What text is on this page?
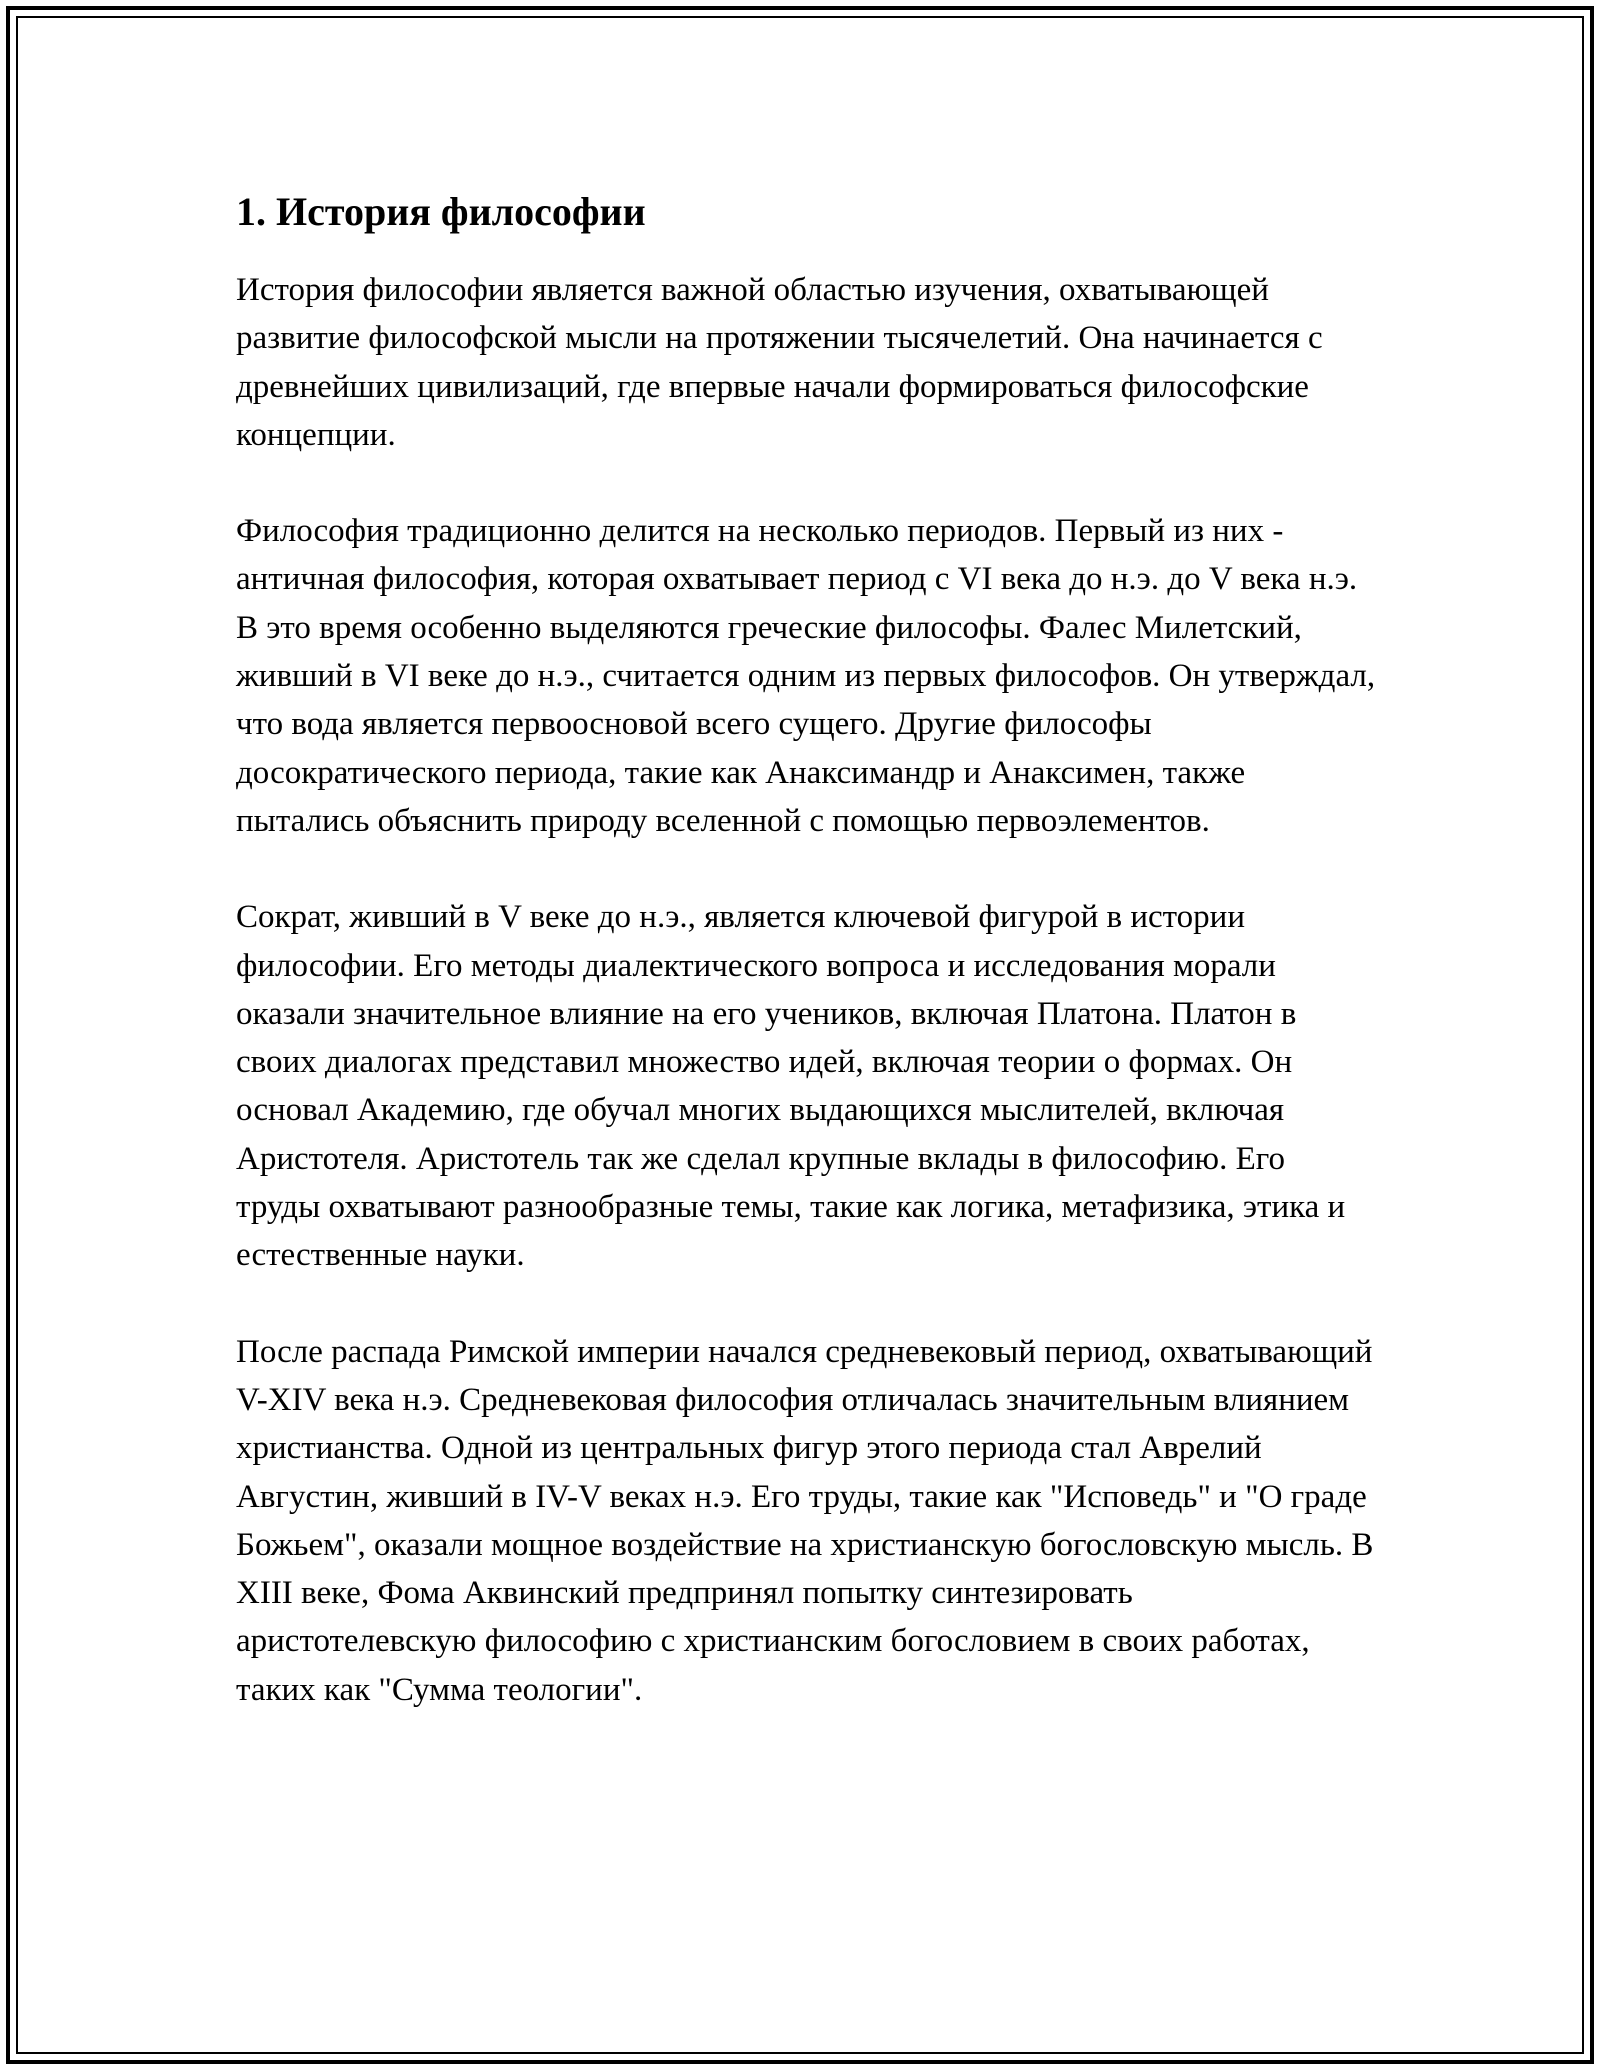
1. История философии

История философии является важной областью изучения, охватывающей развитие философской мысли на протяжении тысячелетий. Она начинается с древнейших цивилизаций, где впервые начали формироваться философские концепции.

Философия традиционно делится на несколько периодов. Первый из них - античная философия, которая охватывает период с VI века до н.э. до V века н.э. В это время особенно выделяются греческие философы. Фалес Милетский, живший в VI веке до н.э., считается одним из первых философов. Он утверждал, что вода является первоосновой всего сущего. Другие философы досократического периода, такие как Анаксимандр и Анаксимен, также пытались объяснить природу вселенной с помощью первоэлементов.

Сократ, живший в V веке до н.э., является ключевой фигурой в истории философии. Его методы диалектического вопроса и исследования морали оказали значительное влияние на его учеников, включая Платона. Платон в своих диалогах представил множество идей, включая теории о формах. Он основал Академию, где обучал многих выдающихся мыслителей, включая Аристотеля. Аристотель так же сделал крупные вклады в философию. Его труды охватывают разнообразные темы, такие как логика, метафизика, этика и естественные науки.

После распада Римской империи начался средневековый период, охватывающий V-XIV века н.э. Средневековая философия отличалась значительным влиянием христианства. Одной из центральных фигур этого периода стал Аврелий Августин, живший в IV-V веках н.э. Его труды, такие как "Исповедь" и "О граде Божьем", оказали мощное воздействие на христианскую богословскую мысль. В XIII веке, Фома Аквинский предпринял попытку синтезировать аристотелевскую философию с христианским богословием в своих работах, таких как "Сумма теологии".
